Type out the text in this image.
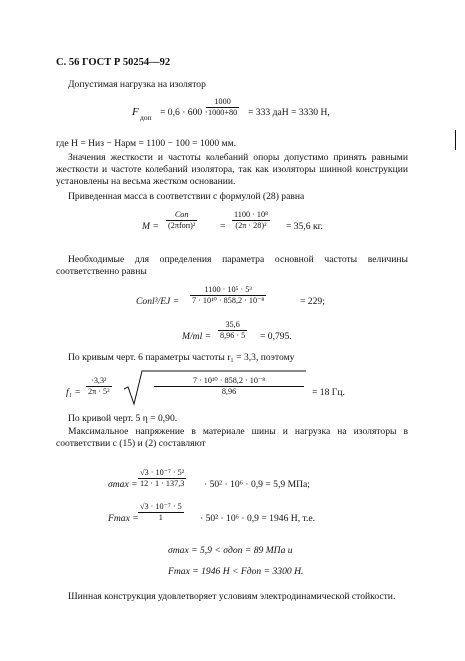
С. 56 ГОСТ Р 50254—92
Допустимая нагрузка на изолятор
F доп = 0,6 · 600 ·
1000
1000+80 = 333 даН = 3330 Н,
где H = Hиз − Hарм = 1100 − 100 = 1000 мм.
Значения жесткости и частоты колебаний опоры допустимо принять равными жесткости и частоте колебаний изолятора, так как изоляторы шинной конструкции установлены на весьма жестком основании.
Приведенная масса в соответствии с формулой (28) равна
M =
Cоп
(2πfоп)²	=
1100 · 10⁸
(2π · 28)² = 35,6 кг.
Необходимые для определения параметра основной частоты величины соответственно равны
Cопl³/EJ =
1100 · 10⁵ · 5³
7 · 10¹⁰ · 858,2 · 10⁻⁸	= 229;
M/ml =
35,6
8,96 · 5 = 0,795.
По кривым черт. 6 параметры частоты r₁ = 3,3, поэтому
f₁ =
·3,3²
2π · 5²
7 · 10¹⁰ · 858,2 · 10⁻⁸
8,96	= 18 Гц.
По кривой черт. 5 η = 0,90.
Максимальное напряжение в материале шины и нагрузка на изоляторы в соответствии с (15) и (2) составляют
σmax =
√3 · 10⁻⁷ · 5²
12 · 1 · 137,3 · 50² · 10⁶ · 0,9 = 5,9 МПа;
Fmax =
√3 · 10⁻⁷ · 5
1	· 50² · 10⁶ · 0,9 = 1946 Н, т.е.
σmax = 5,9 < σдоп = 89 МПа и
Fmax = 1946 Н < Fдоп = 3300 Н.
Шинная конструкция удовлетворяет условиям электродинамической стойкости.
